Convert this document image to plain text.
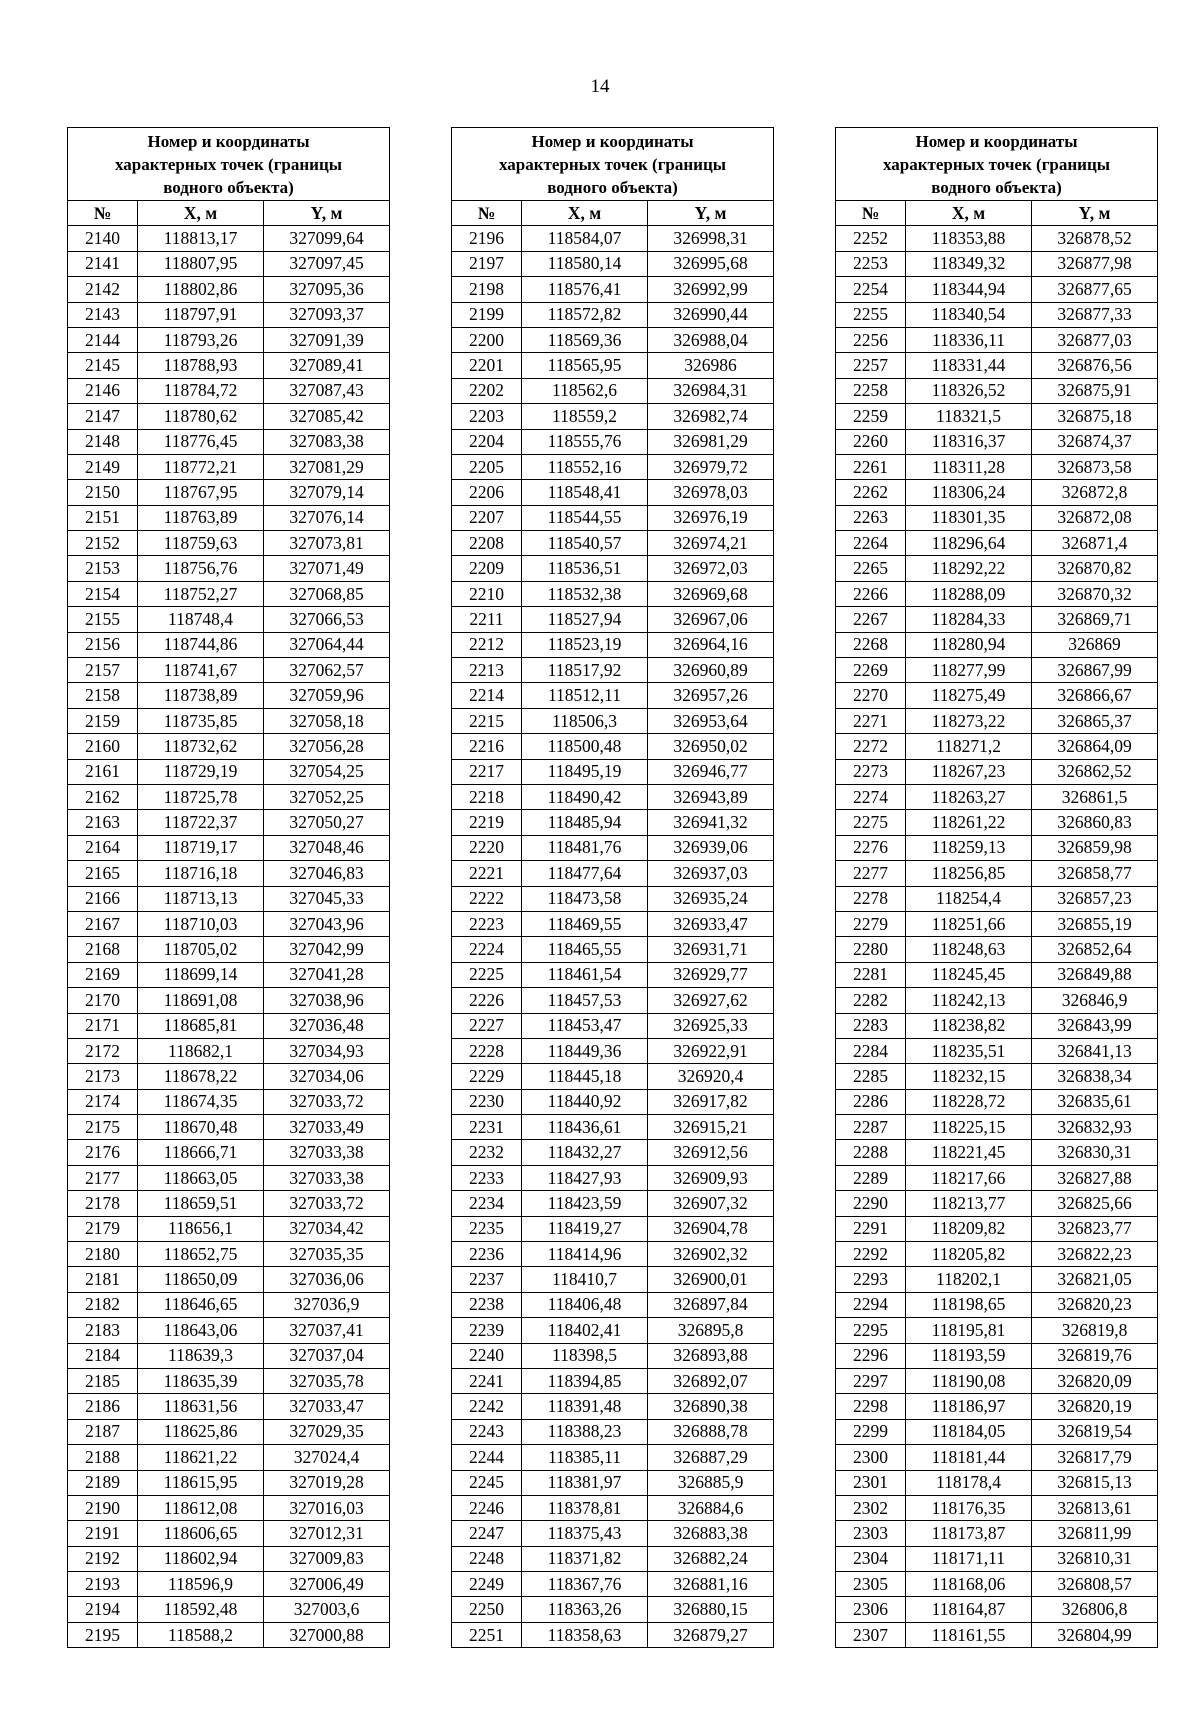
14
Номер и координаты
характерных точек (границы
водного объекта)		

№	X, м	Y, м
2140	118813,17	327099,64
2141	118807,95	327097,45
2142	118802,86	327095,36
2143	118797,91	327093,37
2144	118793,26	327091,39
2145	118788,93	327089,41
2146	118784,72	327087,43
2147	118780,62	327085,42
2148	118776,45	327083,38
2149	118772,21	327081,29
2150	118767,95	327079,14
2151	118763,89	327076,14
2152	118759,63	327073,81
2153	118756,76	327071,49
2154	118752,27	327068,85
2155	118748,4	327066,53
2156	118744,86	327064,44
2157	118741,67	327062,57
2158	118738,89	327059,96
2159	118735,85	327058,18
2160	118732,62	327056,28
2161	118729,19	327054,25
2162	118725,78	327052,25
2163	118722,37	327050,27
2164	118719,17	327048,46
2165	118716,18	327046,83
2166	118713,13	327045,33
2167	118710,03	327043,96
2168	118705,02	327042,99
2169	118699,14	327041,28
2170	118691,08	327038,96
2171	118685,81	327036,48
2172	118682,1	327034,93
2173	118678,22	327034,06
2174	118674,35	327033,72
2175	118670,48	327033,49
2176	118666,71	327033,38
2177	118663,05	327033,38
2178	118659,51	327033,72
2179	118656,1	327034,42
2180	118652,75	327035,35
2181	118650,09	327036,06
2182	118646,65	327036,9
2183	118643,06	327037,41
2184	118639,3	327037,04
2185	118635,39	327035,78
2186	118631,56	327033,47
2187	118625,86	327029,35
2188	118621,22	327024,4
2189	118615,95	327019,28
2190	118612,08	327016,03
2191	118606,65	327012,31
2192	118602,94	327009,83
2193	118596,9	327006,49
2194	118592,48	327003,6
2195	118588,2	327000,88
Номер и координаты
характерных точек (границы
водного объекта)		

№	X, м	Y, м
2196	118584,07	326998,31
2197	118580,14	326995,68
2198	118576,41	326992,99
2199	118572,82	326990,44
2200	118569,36	326988,04
2201	118565,95	326986
2202	118562,6	326984,31
2203	118559,2	326982,74
2204	118555,76	326981,29
2205	118552,16	326979,72
2206	118548,41	326978,03
2207	118544,55	326976,19
2208	118540,57	326974,21
2209	118536,51	326972,03
2210	118532,38	326969,68
2211	118527,94	326967,06
2212	118523,19	326964,16
2213	118517,92	326960,89
2214	118512,11	326957,26
2215	118506,3	326953,64
2216	118500,48	326950,02
2217	118495,19	326946,77
2218	118490,42	326943,89
2219	118485,94	326941,32
2220	118481,76	326939,06
2221	118477,64	326937,03
2222	118473,58	326935,24
2223	118469,55	326933,47
2224	118465,55	326931,71
2225	118461,54	326929,77
2226	118457,53	326927,62
2227	118453,47	326925,33
2228	118449,36	326922,91
2229	118445,18	326920,4
2230	118440,92	326917,82
2231	118436,61	326915,21
2232	118432,27	326912,56
2233	118427,93	326909,93
2234	118423,59	326907,32
2235	118419,27	326904,78
2236	118414,96	326902,32
2237	118410,7	326900,01
2238	118406,48	326897,84
2239	118402,41	326895,8
2240	118398,5	326893,88
2241	118394,85	326892,07
2242	118391,48	326890,38
2243	118388,23	326888,78
2244	118385,11	326887,29
2245	118381,97	326885,9
2246	118378,81	326884,6
2247	118375,43	326883,38
2248	118371,82	326882,24
2249	118367,76	326881,16
2250	118363,26	326880,15
2251	118358,63	326879,27
Номер и координаты
характерных точек (границы
водного объекта)		

№	X, м	Y, м
2252	118353,88	326878,52
2253	118349,32	326877,98
2254	118344,94	326877,65
2255	118340,54	326877,33
2256	118336,11	326877,03
2257	118331,44	326876,56
2258	118326,52	326875,91
2259	118321,5	326875,18
2260	118316,37	326874,37
2261	118311,28	326873,58
2262	118306,24	326872,8
2263	118301,35	326872,08
2264	118296,64	326871,4
2265	118292,22	326870,82
2266	118288,09	326870,32
2267	118284,33	326869,71
2268	118280,94	326869
2269	118277,99	326867,99
2270	118275,49	326866,67
2271	118273,22	326865,37
2272	118271,2	326864,09
2273	118267,23	326862,52
2274	118263,27	326861,5
2275	118261,22	326860,83
2276	118259,13	326859,98
2277	118256,85	326858,77
2278	118254,4	326857,23
2279	118251,66	326855,19
2280	118248,63	326852,64
2281	118245,45	326849,88
2282	118242,13	326846,9
2283	118238,82	326843,99
2284	118235,51	326841,13
2285	118232,15	326838,34
2286	118228,72	326835,61
2287	118225,15	326832,93
2288	118221,45	326830,31
2289	118217,66	326827,88
2290	118213,77	326825,66
2291	118209,82	326823,77
2292	118205,82	326822,23
2293	118202,1	326821,05
2294	118198,65	326820,23
2295	118195,81	326819,8
2296	118193,59	326819,76
2297	118190,08	326820,09
2298	118186,97	326820,19
2299	118184,05	326819,54
2300	118181,44	326817,79
2301	118178,4	326815,13
2302	118176,35	326813,61
2303	118173,87	326811,99
2304	118171,11	326810,31
2305	118168,06	326808,57
2306	118164,87	326806,8
2307	118161,55	326804,99
